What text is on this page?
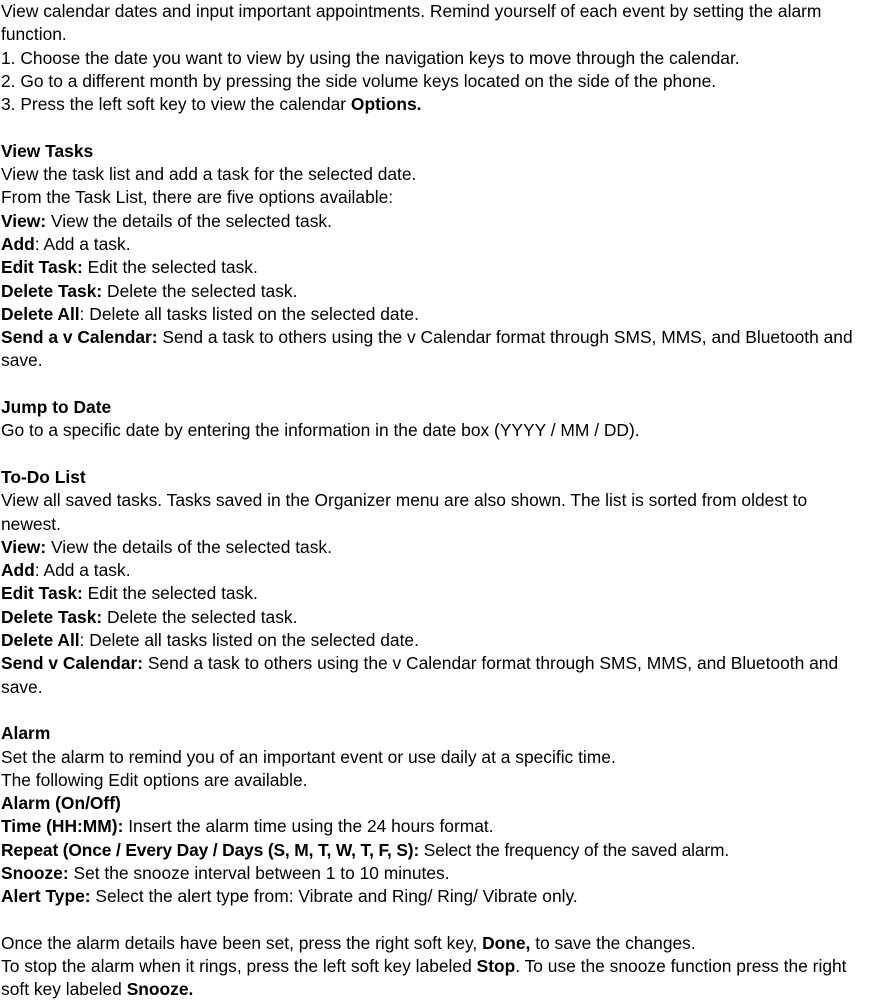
View calendar dates and input important appointments. Remind yourself of each event by setting the alarm function.

1. Choose the date you want to view by using the navigation keys to move through the calendar.

2. Go to a different month by pressing the side volume keys located on the side of the phone.

3. Press the left soft key to view the calendar Options.

View Tasks

View the task list and add a task for the selected date.

From the Task List, there are five options available:

View: View the details of the selected task.

Add: Add a task.

Edit Task: Edit the selected task.

Delete Task: Delete the selected task.

Delete All: Delete all tasks listed on the selected date.

Send a v Calendar: Send a task to others using the v Calendar format through SMS, MMS, and Bluetooth and save.

Jump to Date

Go to a specific date by entering the information in the date box (YYYY / MM / DD).

To-Do List

View all saved tasks. Tasks saved in the Organizer menu are also shown. The list is sorted from oldest to newest.

View: View the details of the selected task.

Add: Add a task.

Edit Task: Edit the selected task.

Delete Task: Delete the selected task.

Delete All: Delete all tasks listed on the selected date.

Send v Calendar: Send a task to others using the v Calendar format through SMS, MMS, and Bluetooth and save.

Alarm

Set the alarm to remind you of an important event or use daily at a specific time.

The following Edit options are available.

Alarm (On/Off)

Time (HH:MM): Insert the alarm time using the 24 hours format.

Repeat (Once / Every Day / Days (S, M, T, W, T, F, S): Select the frequency of the saved alarm.

Snooze: Set the snooze interval between 1 to 10 minutes.

Alert Type: Select the alert type from: Vibrate and Ring/ Ring/ Vibrate only.

Once the alarm details have been set, press the right soft key, Done, to save the changes.

To stop the alarm when it rings, press the left soft key labeled Stop. To use the snooze function press the right soft key labeled Snooze.
